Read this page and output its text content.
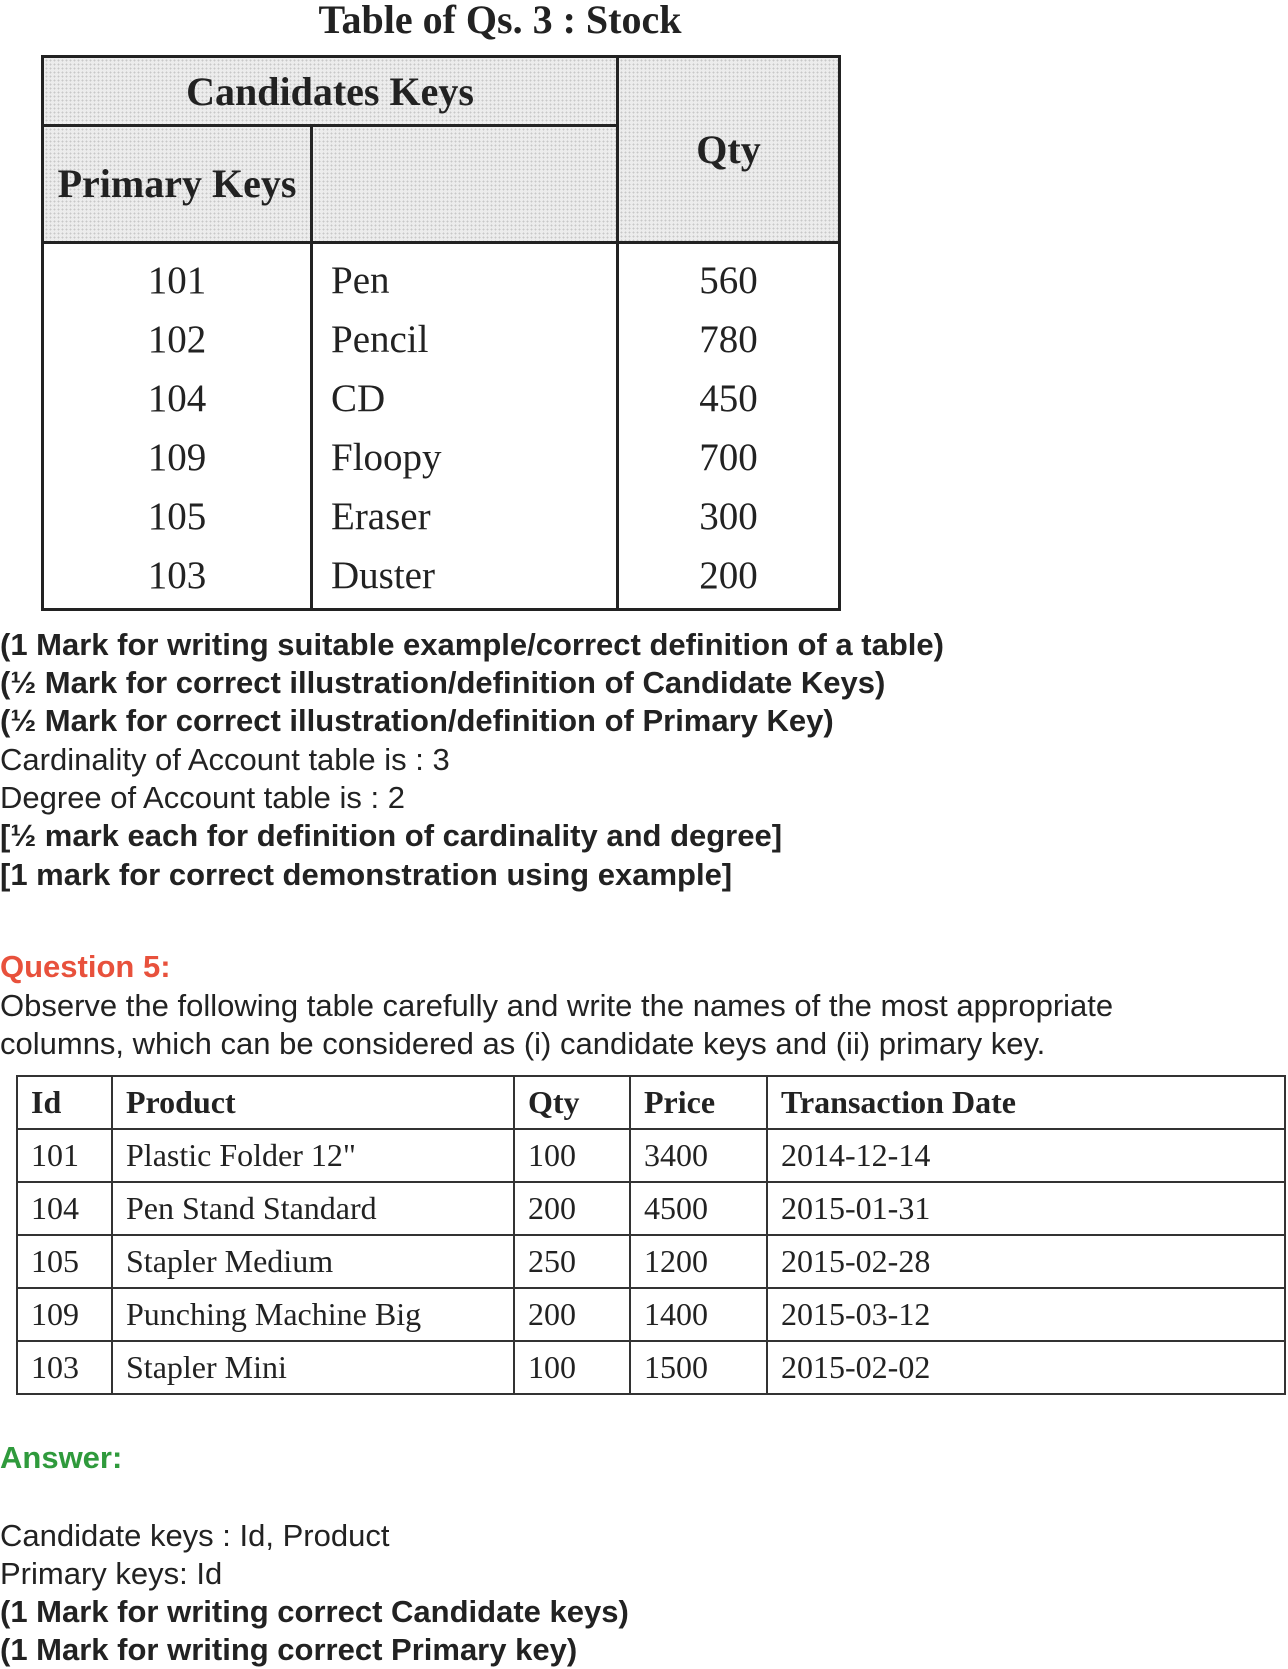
Table of Qs. 3 : Stock
Candidates Keys		Qty
Primary Keys		
101	Pen	560
102	Pencil	780
104	CD	450
109	Floopy	700
105	Eraser	300
103	Duster	200
(1 Mark for writing suitable example/correct definition of a table)
(½ Mark for correct illustration/definition of Candidate Keys)
(½ Mark for correct illustration/definition of Primary Key)
Cardinality of Account table is : 3
Degree of Account table is : 2
[½ mark each for definition of cardinality and degree]
[1 mark for correct demonstration using example]
Question 5:
Observe the following table carefully and write the names of the most appropriate
columns, which can be considered as (i) candidate keys and (ii) primary key.
Id	Product	Qty	Price	Transaction Date
101	Plastic Folder 12"	100	3400	2014-12-14
104	Pen Stand Standard	200	4500	2015-01-31
105	Stapler Medium	250	1200	2015-02-28
109	Punching Machine Big	200	1400	2015-03-12
103	Stapler Mini	100	1500	2015-02-02
Answer:
Candidate keys : Id, Product
Primary keys: Id
(1 Mark for writing correct Candidate keys)
(1 Mark for writing correct Primary key)
